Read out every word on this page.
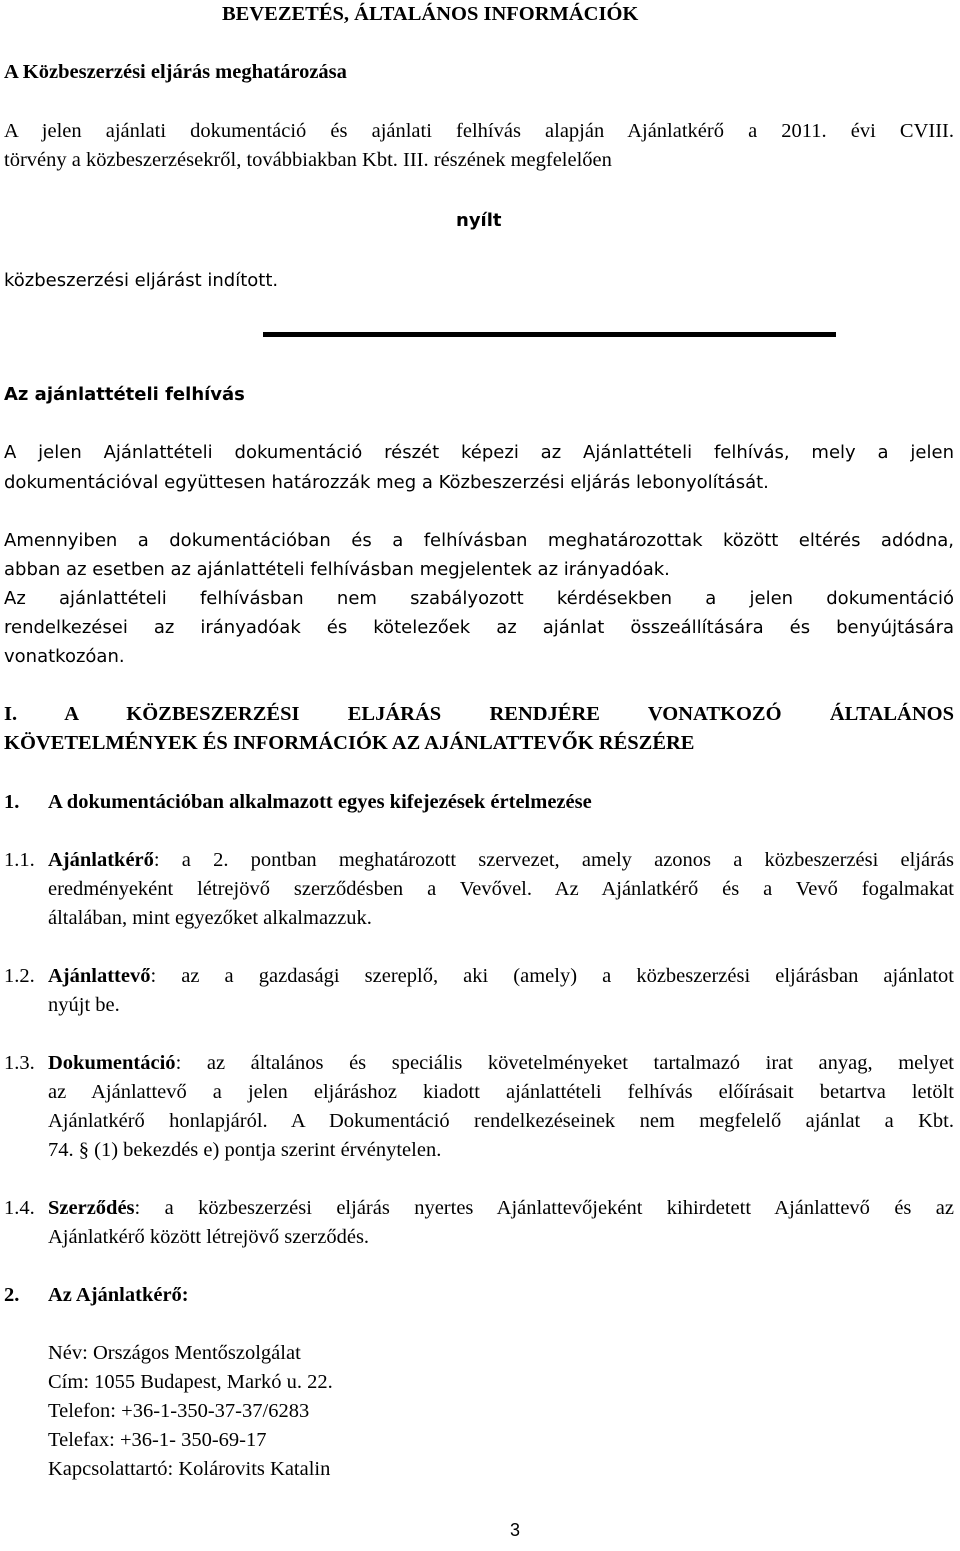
BEVEZETÉS, ÁLTALÁNOS INFORMÁCIÓK
A Közbeszerzési eljárás meghatározása
A jelen ajánlati dokumentáció és ajánlati felhívás alapján Ajánlatkérő a 2011. évi CVIII.
törvény a közbeszerzésekről, továbbiakban Kbt. III. részének megfelelően
nyílt
közbeszerzési eljárást indított.
Az ajánlattételi felhívás
A jelen Ajánlattételi dokumentáció részét képezi az Ajánlattételi felhívás, mely a jelen
dokumentációval együttesen határozzák meg a Közbeszerzési eljárás lebonyolítását.
Amennyiben a dokumentációban és a felhívásban meghatározottak között eltérés adódna,
abban az esetben az ajánlattételi felhívásban megjelentek az irányadóak.
Az ajánlattételi felhívásban nem szabályozott kérdésekben a jelen dokumentáció
rendelkezései az irányadóak és kötelezőek az ajánlat összeállítására és benyújtására
vonatkozóan.
I. A KÖZBESZERZÉSI ELJÁRÁS RENDJÉRE VONATKOZÓ ÁLTALÁNOS
KÖVETELMÉNYEK ÉS INFORMÁCIÓK AZ AJÁNLATTEVŐK RÉSZÉRE
1. A dokumentációban alkalmazott egyes kifejezések értelmezése
1.1. Ajánlatkérő: a 2. pontban meghatározott szervezet, amely azonos a közbeszerzési eljárás
eredményeként létrejövő szerződésben a Vevővel. Az Ajánlatkérő és a Vevő fogalmakat
általában, mint egyezőket alkalmazzuk.
1.2. Ajánlattevő: az a gazdasági szereplő, aki (amely) a közbeszerzési eljárásban ajánlatot
nyújt be.
1.3. Dokumentáció: az általános és speciális követelményeket tartalmazó irat anyag, melyet
az Ajánlattevő a jelen eljáráshoz kiadott ajánlattételi felhívás előírásait betartva letölt
Ajánlatkérő honlapjáról. A Dokumentáció rendelkezéseinek nem megfelelő ajánlat a Kbt.
74. § (1) bekezdés e) pontja szerint érvénytelen.
1.4. Szerződés: a közbeszerzési eljárás nyertes Ajánlattevőjeként kihirdetett Ajánlattevő és az
Ajánlatkérő között létrejövő szerződés.
2. Az Ajánlatkérő:
Név: Országos Mentőszolgálat
Cím: 1055 Budapest, Markó u. 22.
Telefon: +36-1-350-37-37/6283
Telefax: +36-1- 350-69-17
Kapcsolattartó: Kolárovits Katalin
3
